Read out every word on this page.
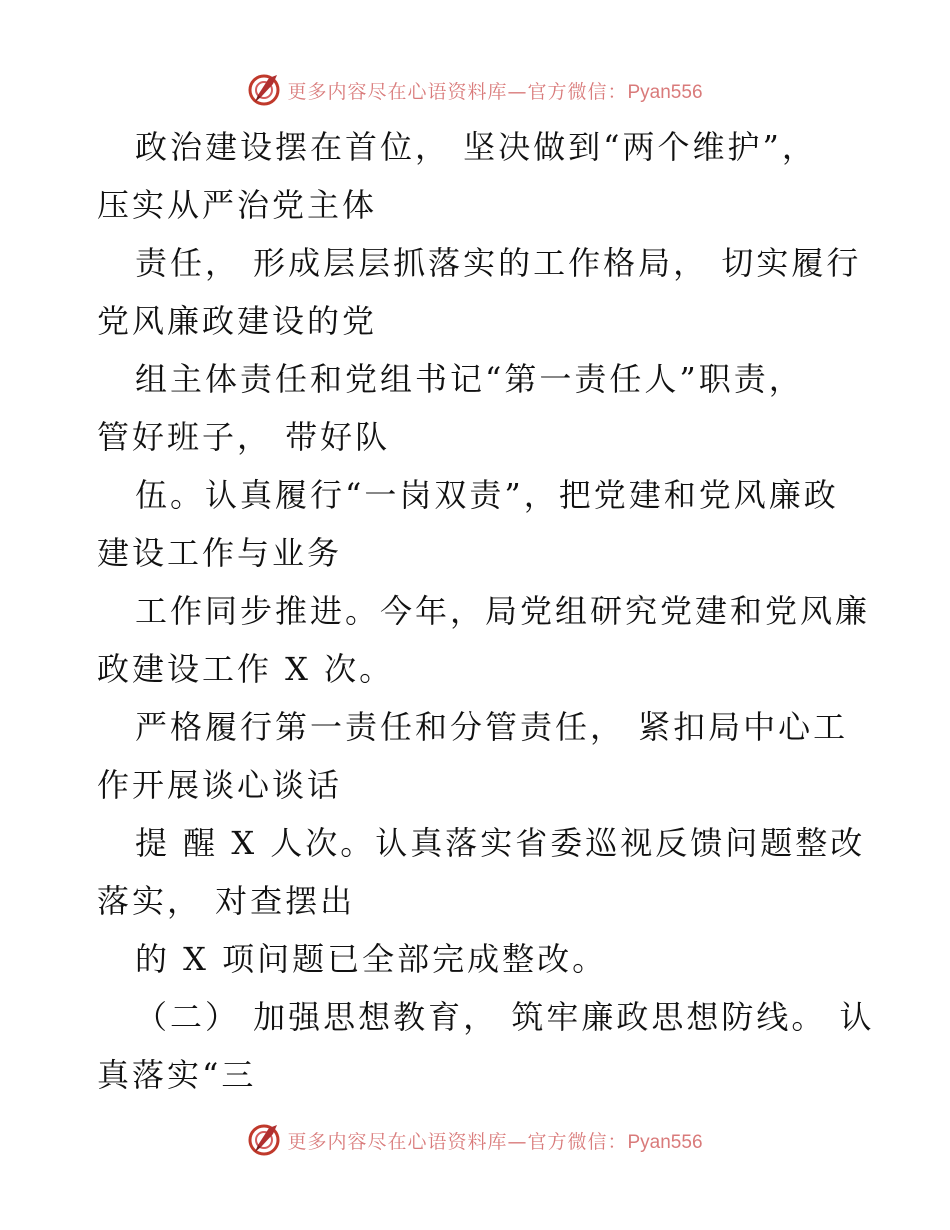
更多内容尽在心语资料库—官方微信：Pyan556
政治建设摆在首位， 坚决做到“两个维护”，
压实从严治党主体
责任， 形成层层抓落实的工作格局， 切实履行
党风廉政建设的党
组主体责任和党组书记“第一责任人”职责，
管好班子， 带好队
伍。认真履行“一岗双责”，把党建和党风廉政
建设工作与业务
工作同步推进。今年，局党组研究党建和党风廉
政建设工作 X 次。
严格履行第一责任和分管责任， 紧扣局中心工
作开展谈心谈话
提 醒 X 人次。认真落实省委巡视反馈问题整改
落实， 对查摆出
的 X 项问题已全部完成整改。
（二） 加强思想教育， 筑牢廉政思想防线。 认
真落实“三
更多内容尽在心语资料库—官方微信：Pyan556
